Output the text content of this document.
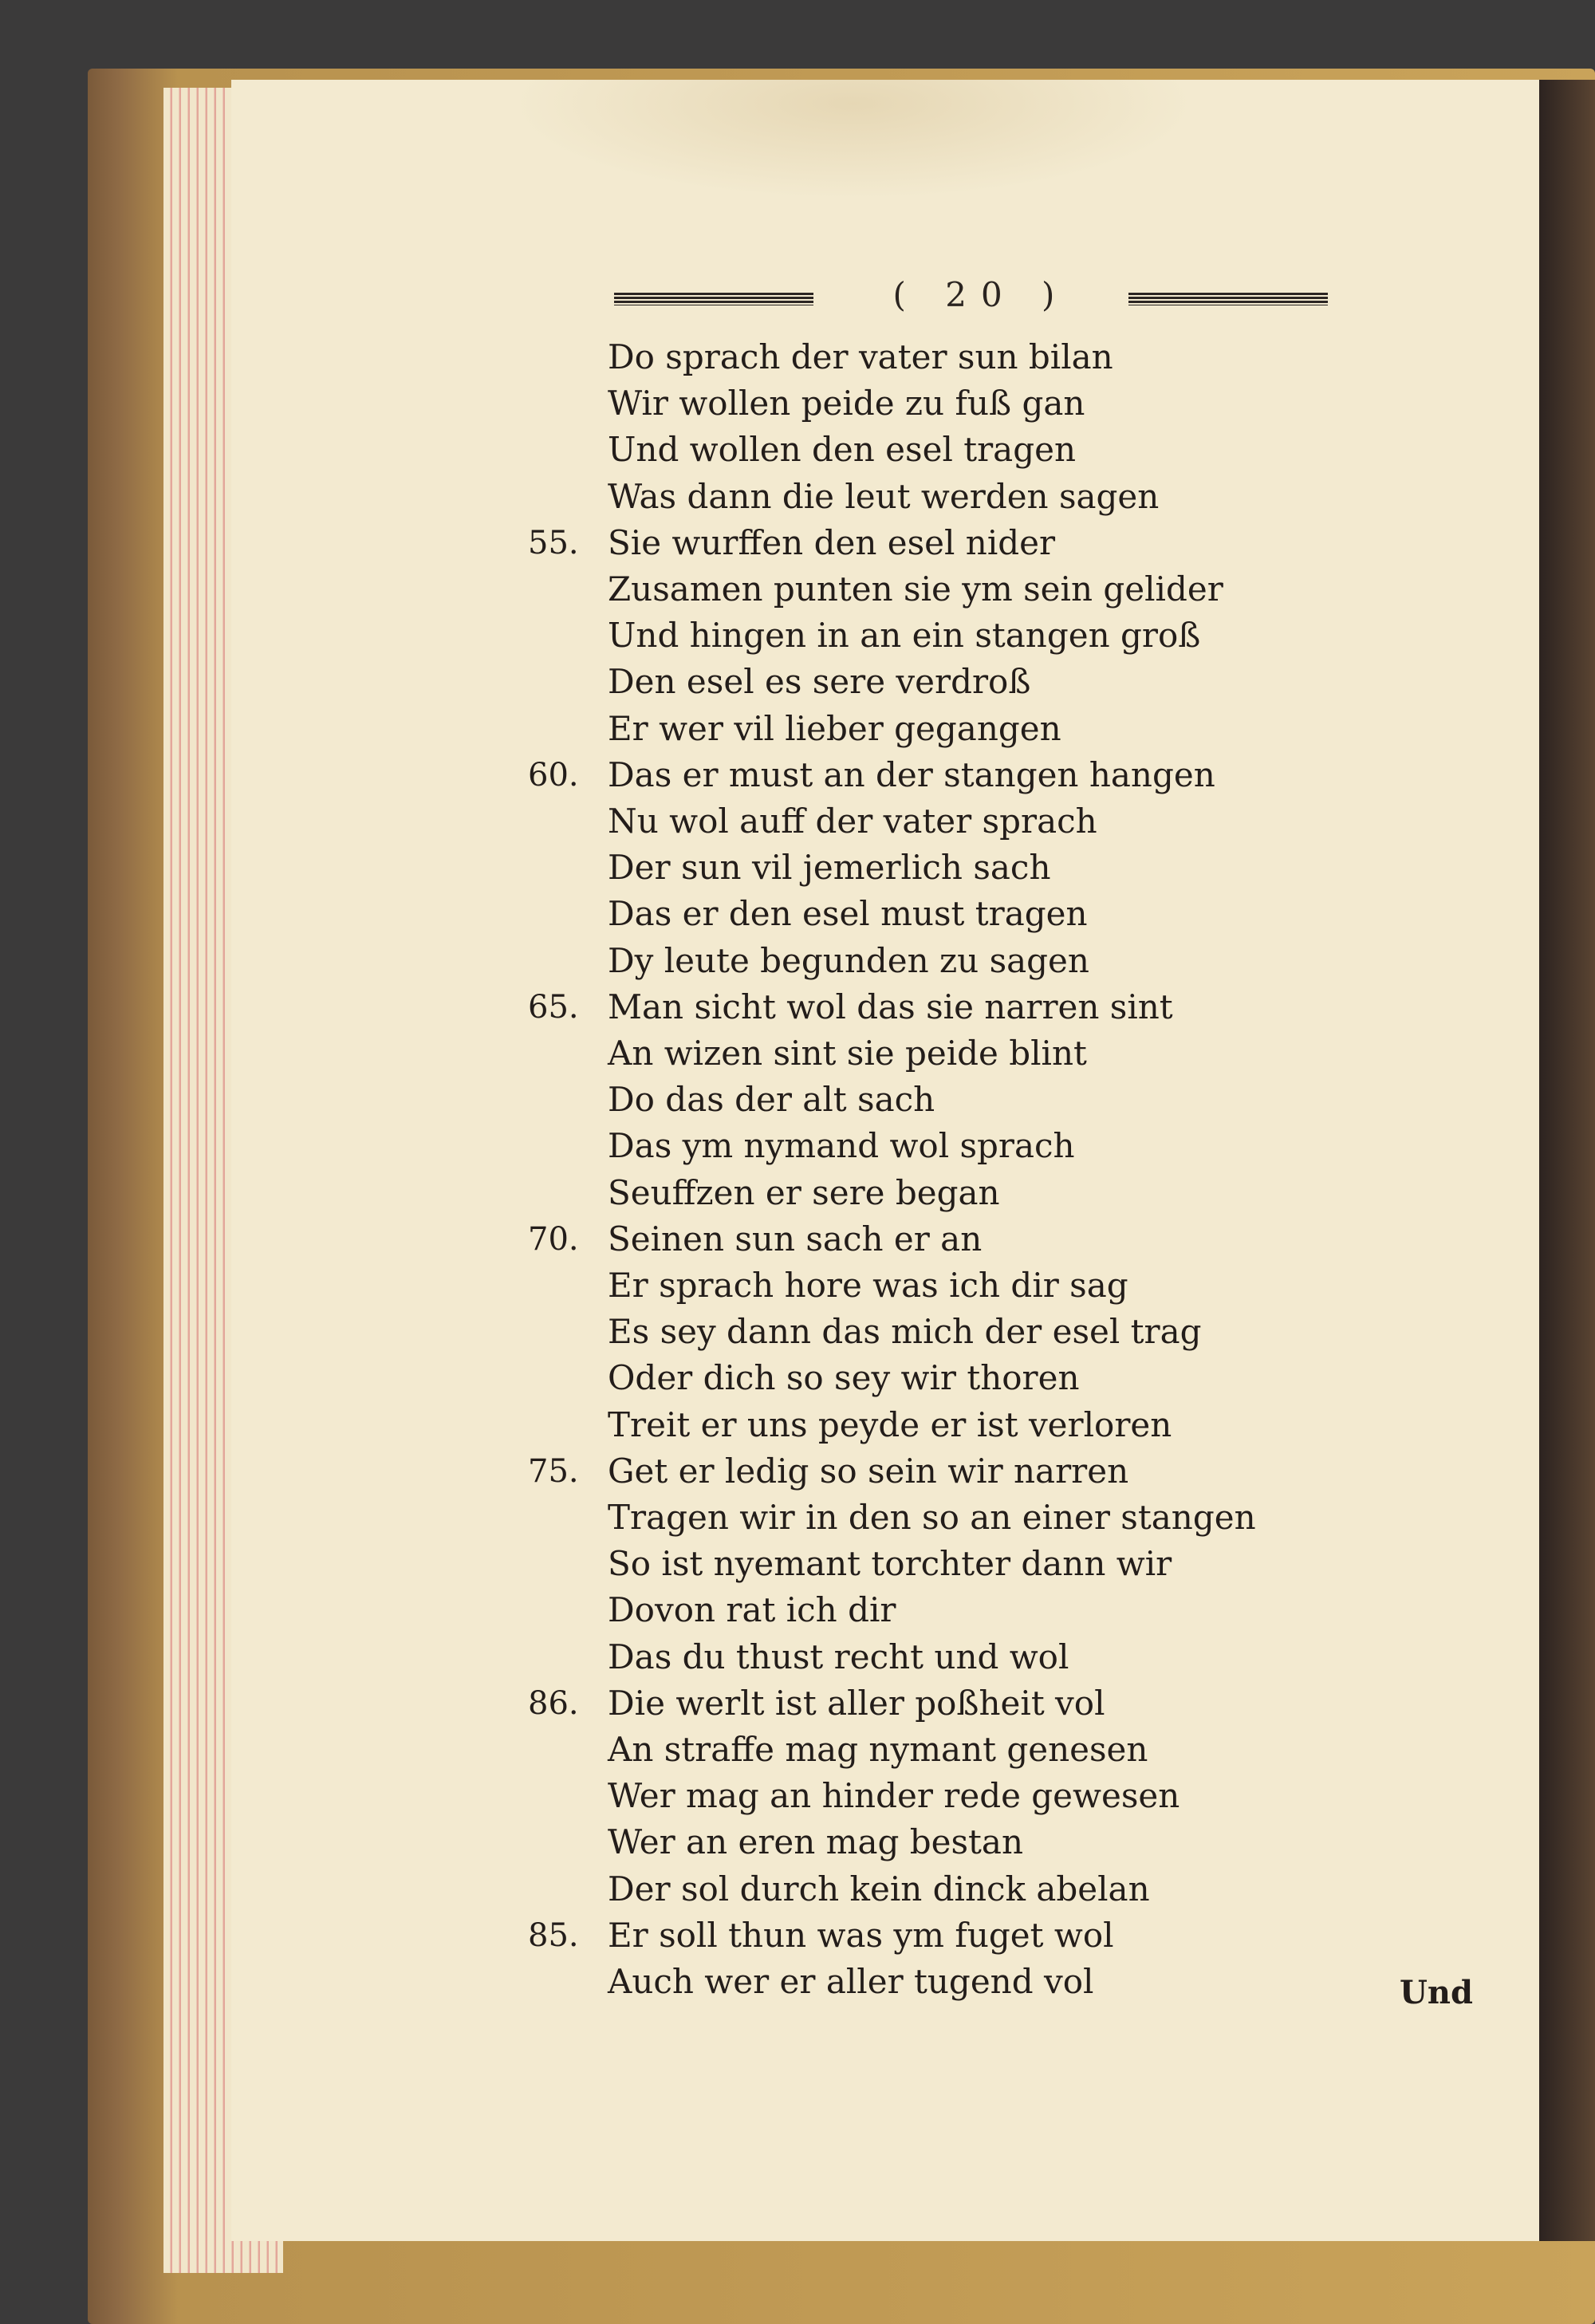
( 20 )
Do sprach der vater sun bilan
Wir wollen peide zu fuß gan
Und wollen den esel tragen
Was dann die leut werden sagen
55. Sie wurffen den esel nider
Zusamen punten sie ym sein gelider
Und hingen in an ein stangen groß
Den esel es sere verdroß
Er wer vil lieber gegangen
60. Das er must an der stangen hangen
Nu wol auff der vater sprach
Der sun vil jemerlich sach
Das er den esel must tragen
Dy leute begunden zu sagen
65. Man sicht wol das sie narren sint
An wizen sint sie peide blint
Do das der alt sach
Das ym nymand wol sprach
Seuffzen er sere began
70. Seinen sun sach er an
Er sprach hore was ich dir sag
Es sey dann das mich der esel trag
Oder dich so sey wir thoren
Treit er uns peyde er ist verloren
75. Get er ledig so sein wir narren
Tragen wir in den so an einer stangen
So ist nyemant torchter dann wir
Dovon rat ich dir
Das du thust recht und wol
86. Die werlt ist aller poßheit vol
An straffe mag nymant genesen
Wer mag an hinder rede gewesen
Wer an eren mag bestan
Der sol durch kein dinck abelan
85. Er soll thun was ym fuget wol
Auch wer er aller tugend vol	Und
